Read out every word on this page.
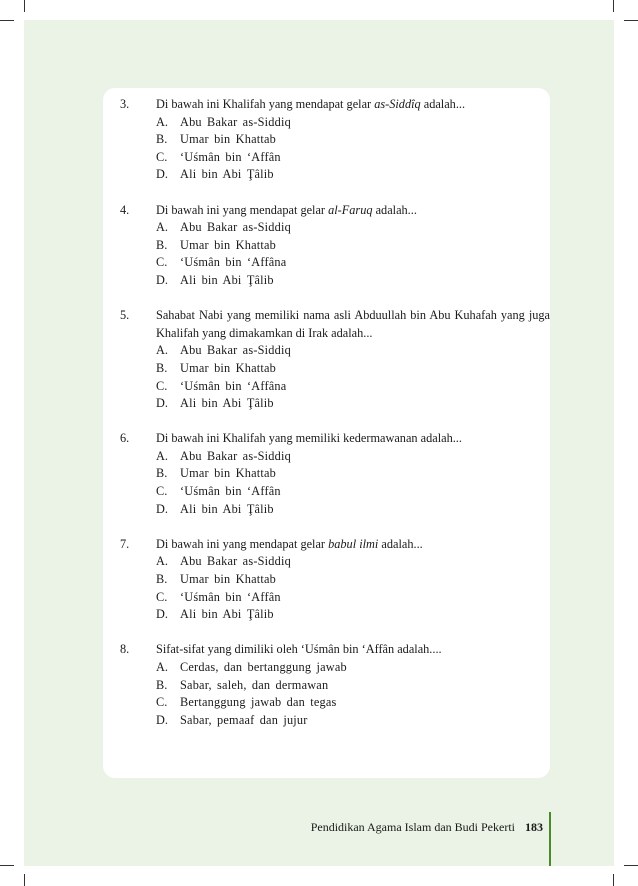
3.	Di bawah ini Khalifah yang mendapat gelar as-Siddîq adalah...
A. Abu Bakar as-Siddiq
B.	Umar bin Khattab
C.	‘Uśmân bin ‘Affân
D. Ali bin Abi Ţâlib
4.	Di bawah ini yang mendapat gelar al-Faruq adalah...
A. Abu Bakar as-Siddiq
B.	Umar bin Khattab
C.	‘Uśmân bin ‘Affâna
D. Ali bin Abi Ţâlib
5.	Sahabat Nabi yang memiliki nama asli Abduullah bin Abu Kuhafah yang juga Khalifah yang dimakamkan di Irak adalah...
A. Abu Bakar as-Siddiq
B.	Umar bin Khattab
C.	‘Uśmân bin ‘Affâna
D. Ali bin Abi Ţâlib
6.	Di bawah ini Khalifah yang memiliki kedermawanan adalah...
A. Abu Bakar as-Siddiq
B.	Umar bin Khattab
C.	‘Uśmân bin ‘Affân
D. Ali bin Abi Ţâlib
7.	Di bawah ini yang mendapat gelar babul ilmi adalah...
A. Abu Bakar as-Siddiq
B.	Umar bin Khattab
C.	‘Uśmân bin ‘Affân
D. Ali bin Abi Ţâlib
8.	Sifat-sifat yang dimiliki oleh ‘Uśmân bin ‘Affân adalah....
A. Cerdas, dan bertanggung jawab
B.	Sabar, saleh, dan dermawan
C.	Bertanggung jawab dan tegas
D. Sabar, pemaaf dan jujur
Pendidikan Agama Islam dan Budi Pekerti 183
